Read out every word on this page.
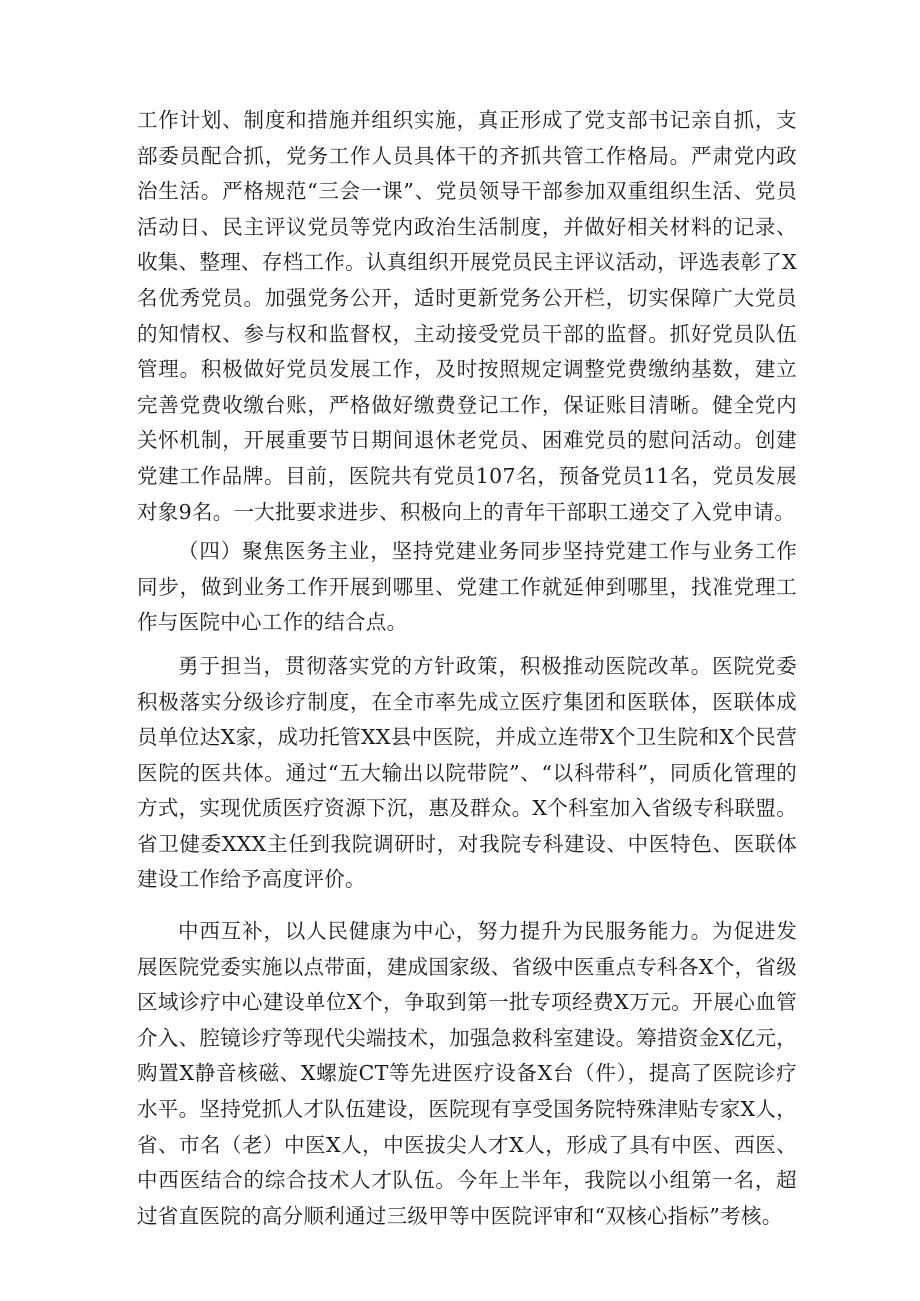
工作计划、制度和措施并组织实施，真正形成了党支部书记亲自抓，支部委员配合抓，党务工作人员具体干的齐抓共管工作格局。严肃党内政治生活。严格规范“三会一课”、党员领导干部参加双重组织生活、党员活动日、民主评议党员等党内政治生活制度，并做好相关材料的记录、收集、整理、存档工作。认真组织开展党员民主评议活动，评选表彰了X名优秀党员。加强党务公开，适时更新党务公开栏，切实保障广大党员的知情权、参与权和监督权，主动接受党员干部的监督。抓好党员队伍管理。积极做好党员发展工作，及时按照规定调整党费缴纳基数，建立完善党费收缴台账，严格做好缴费登记工作，保证账目清晰。健全党内关怀机制，开展重要节日期间退休老党员、困难党员的慰问活动。创建党建工作品牌。目前，医院共有党员107名，预备党员11名，党员发展对象9名。一大批要求进步、积极向上的青年干部职工递交了入党申请。

（四）聚焦医务主业，坚持党建业务同步坚持党建工作与业务工作同步，做到业务工作开展到哪里、党建工作就延伸到哪里，找准党理工作与医院中心工作的结合点。

勇于担当，贯彻落实党的方针政策，积极推动医院改革。医院党委积极落实分级诊疗制度，在全市率先成立医疗集团和医联体，医联体成员单位达X家，成功托管XX县中医院，并成立连带X个卫生院和X个民营医院的医共体。通过“五大输出以院带院”、“以科带科”，同质化管理的方式，实现优质医疗资源下沉，惠及群众。X个科室加入省级专科联盟。省卫健委XXX主任到我院调研时，对我院专科建设、中医特色、医联体建设工作给予高度评价。

中西互补，以人民健康为中心，努力提升为民服务能力。为促进发展医院党委实施以点带面，建成国家级、省级中医重点专科各X个，省级区域诊疗中心建设单位X个，争取到第一批专项经费X万元。开展心血管介入、腔镜诊疗等现代尖端技术，加强急救科室建设。筹措资金X亿元，购置X静音核磁、X螺旋CT等先进医疗设备X台（件），提高了医院诊疗水平。坚持党抓人才队伍建设，医院现有享受国务院特殊津贴专家X人，省、市名（老）中医X人，中医拔尖人才X人，形成了具有中医、西医、中西医结合的综合技术人才队伍。今年上半年，我院以小组第一名，超过省直医院的高分顺利通过三级甲等中医院评审和“双核心指标”考核。
